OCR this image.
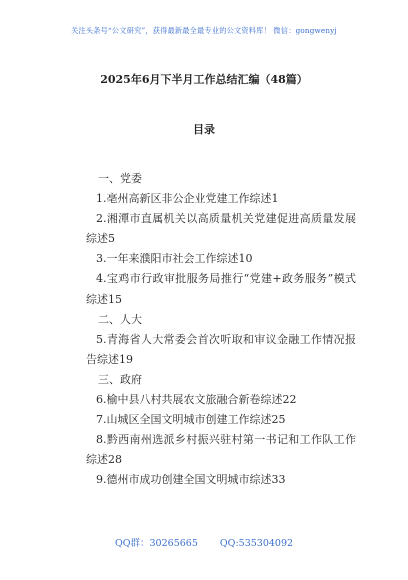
关注头条号“公文研究”，获得最新最全最专业的公文资料库！ 微信：gongwenyj
2025年6月下半月工作总结汇编（48篇）
目录
一、党委
1.亳州高新区非公企业党建工作综述1
2.湘潭市直属机关以高质量机关党建促进高质量发展
综述5
3.一年来濮阳市社会工作综述10
4.宝鸡市行政审批服务局推行“党建+政务服务”模式
综述15
二、人大
5.青海省人大常委会首次听取和审议金融工作情况报
告综述19
三、政府
6.榆中县八村共展农文旅融合新卷综述22
7.山城区全国文明城市创建工作综述25
8.黔西南州选派乡村振兴驻村第一书记和工作队工作
综述28
9.德州市成功创建全国文明城市综述33
QQ群：30265665 QQ:535304092
